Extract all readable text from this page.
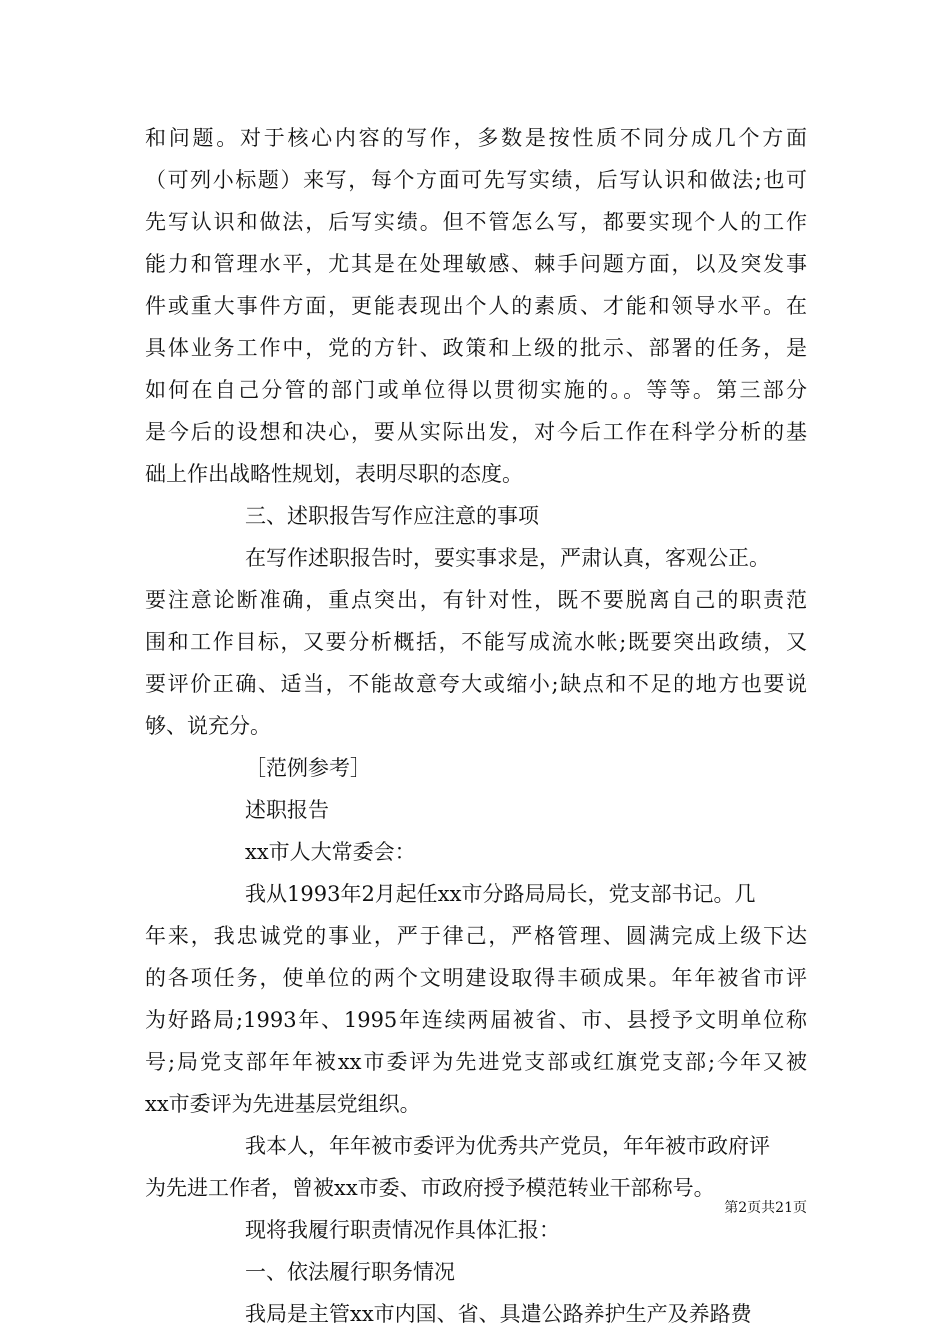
和问题。对于核心内容的写作，多数是按性质不同分成几个方面
（可列小标题）来写，每个方面可先写实绩，后写认识和做法;也可
先写认识和做法，后写实绩。但不管怎么写，都要实现个人的工作
能力和管理水平，尤其是在处理敏感、棘手问题方面，以及突发事
件或重大事件方面，更能表现出个人的素质、才能和领导水平。在
具体业务工作中，党的方针、政策和上级的批示、部署的任务，是
如何在自己分管的部门或单位得以贯彻实施的。。等等。第三部分
是今后的设想和决心，要从实际出发，对今后工作在科学分析的基
础上作出战略性规划，表明尽职的态度。
三、述职报告写作应注意的事项
在写作述职报告时，要实事求是，严肃认真，客观公正。
要注意论断准确，重点突出，有针对性，既不要脱离自己的职责范
围和工作目标，又要分析概括，不能写成流水帐;既要突出政绩，又
要评价正确、适当，不能故意夸大或缩小;缺点和不足的地方也要说
够、说充分。
［范例参考］
述职报告
xx市人大常委会：
我从1993年2月起任xx市分路局局长，党支部书记。几
年来，我忠诚党的事业，严于律己，严格管理、圆满完成上级下达
的各项任务，使单位的两个文明建设取得丰硕成果。年年被省市评
为好路局;1993年、1995年连续两届被省、市、县授予文明单位称
号;局党支部年年被xx市委评为先进党支部或红旗党支部;今年又被
xx市委评为先进基层党组织。
我本人，年年被市委评为优秀共产党员，年年被市政府评
为先进工作者，曾被xx市委、市政府授予模范转业干部称号。
现将我履行职责情况作具体汇报：
一、依法履行职务情况
我局是主管xx市内国、省、具遣公路养护生产及养路费
第2页共21页
